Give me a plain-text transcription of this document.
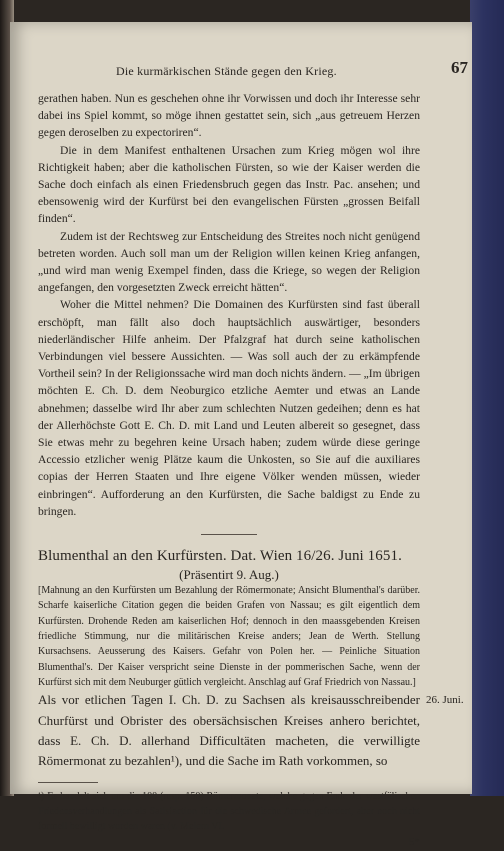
Die kurmärkischen Stände gegen den Krieg.	67

gerathen haben. Nun es geschehen ohne ihr Vorwissen und doch ihr Interesse sehr dabei ins Spiel kommt, so möge ihnen gestattet sein, sich „aus getreuem Herzen gegen deroselben zu expectoriren“.

Die in dem Manifest enthaltenen Ursachen zum Krieg mögen wol ihre Richtigkeit haben; aber die katholischen Fürsten, so wie der Kaiser werden die Sache doch einfach als einen Friedensbruch gegen das Instr. Pac. ansehen; und ebensowenig wird der Kurfürst bei den evangelischen Fürsten „grossen Beifall finden“.

Zudem ist der Rechtsweg zur Entscheidung des Streites noch nicht genügend betreten worden. Auch soll man um der Religion willen keinen Krieg anfangen, „und wird man wenig Exempel finden, dass die Kriege, so wegen der Religion angefangen, den vorgesetzten Zweck erreicht hätten“.

Woher die Mittel nehmen? Die Domainen des Kurfürsten sind fast überall erschöpft, man fällt also doch hauptsächlich auswärtiger, besonders niederländischer Hilfe anheim. Der Pfalzgraf hat durch seine katholischen Verbindungen viel bessere Aussichten. — Was soll auch der zu erkämpfende Vortheil sein? In der Religionssache wird man doch nichts ändern. — „Im übrigen möchten E. Ch. D. dem Neoburgico etzliche Aemter und etwas an Lande abnehmen; dasselbe wird Ihr aber zum schlechten Nutzen gedeihen; denn es hat der Allerhöchste Gott E. Ch. D. mit Land und Leuten albereit so gesegnet, dass Sie etwas mehr zu begehren keine Ursach haben; zudem würde diese geringe Accessio etzlicher wenig Plätze kaum die Unkosten, so Sie auf die auxiliares copias der Herren Staaten und Ihre eigene Völker wenden müssen, wieder einbringen“. Aufforderung an den Kurfürsten, die Sache baldigst zu Ende zu bringen.

Blumenthal an den Kurfürsten. Dat. Wien 16/26. Juni 1651.

(Präsentirt 9. Aug.)

[Mahnung an den Kurfürsten um Bezahlung der Römermonate; Ansicht Blumenthal's darüber. Scharfe kaiserliche Citation gegen die beiden Grafen von Nassau; es gilt eigentlich dem Kurfürsten. Drohende Reden am kaiserlichen Hof; dennoch in den maassgebenden Kreisen friedliche Stimmung, nur die militärischen Kreise anders; Jean de Werth. Stellung Kursachsens. Aeusserung des Kaisers. Gefahr von Polen her. — Peinliche Situation Blumenthal's. Der Kaiser verspricht seine Dienste in der pommerischen Sache, wenn der Kurfürst sich mit dem Neuburger gütlich vergleicht. Anschlag auf Graf Friedrich von Nassau.]

26. Juni.

Als vor etlichen Tagen I. Ch. D. zu Sachsen als kreisausschreibender Churfürst und Obrister des obersächsischen Kreises anhero berichtet, dass E. Ch. D. allerhand Difficultäten macheten, die verwilligte Römermonat zu bezahlen¹), und die Sache im Rath vorkommen, so

¹) Es handelt sich um die 100 (resp. 150) Römermonate, welche gegen Ende der westfälischen Friedensverhandlungen als Satisfaction für die schwedische Armee gefordert, aber noch nicht formell bewilligt worden waren (v. Meiern VI.

5*
